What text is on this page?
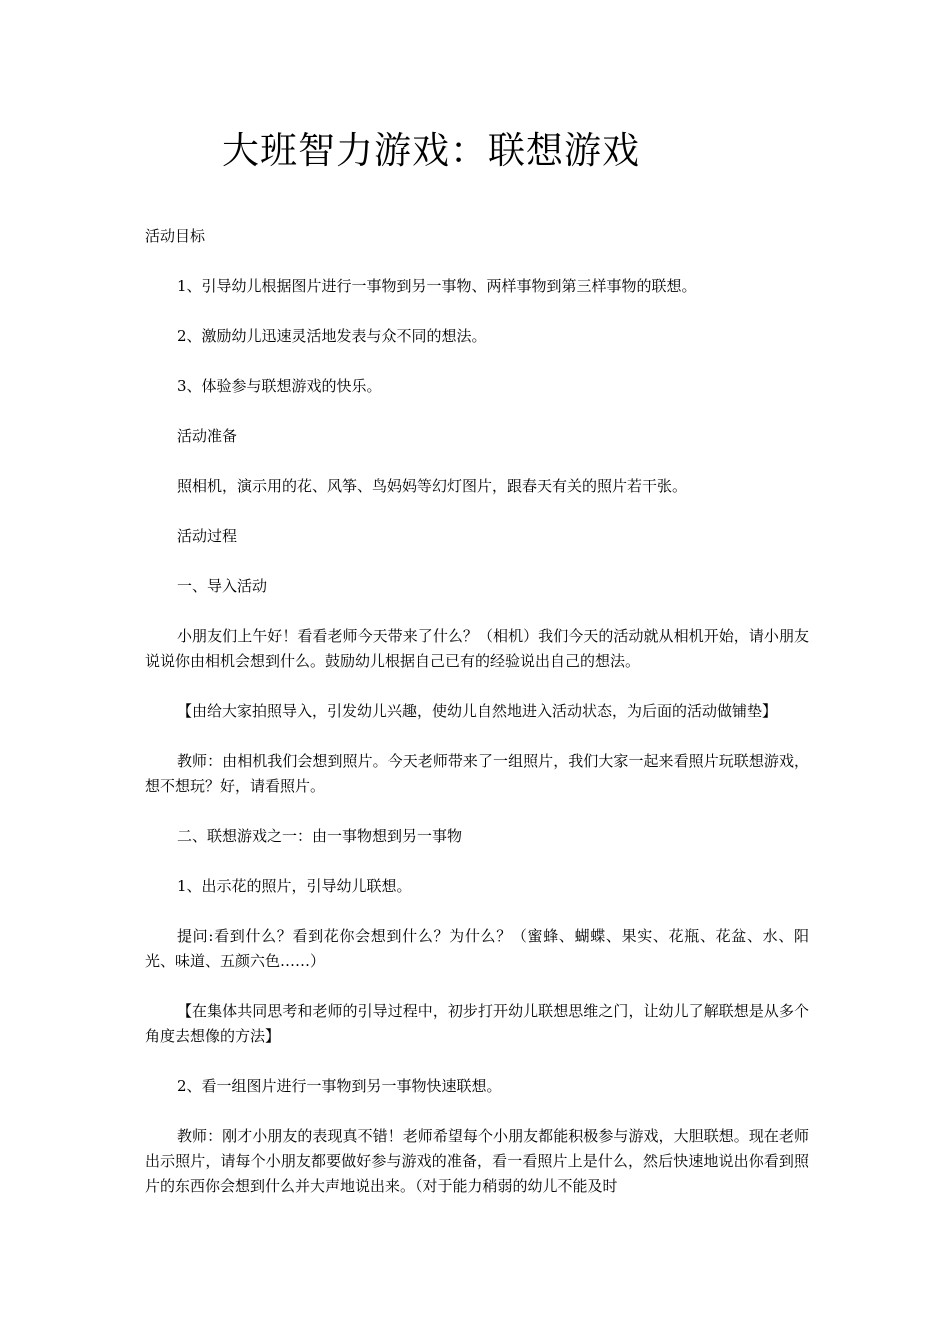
大班智力游戏：联想游戏

活动目标

1、引导幼儿根据图片进行一事物到另一事物、两样事物到第三样事物的联想。

2、激励幼儿迅速灵活地发表与众不同的想法。

3、体验参与联想游戏的快乐。

活动准备

照相机，演示用的花、风筝、鸟妈妈等幻灯图片，跟春天有关的照片若干张。

活动过程

一、导入活动

小朋友们上午好！看看老师今天带来了什么？（相机）我们今天的活动就从相机开始，请小朋友说说你由相机会想到什么。鼓励幼儿根据自己已有的经验说出自己的想法。

【由给大家拍照导入，引发幼儿兴趣，使幼儿自然地进入活动状态，为后面的活动做铺垫】

教师：由相机我们会想到照片。今天老师带来了一组照片，我们大家一起来看照片玩联想游戏，想不想玩？好，请看照片。

二、联想游戏之一：由一事物想到另一事物

1、出示花的照片，引导幼儿联想。

提问:看到什么？看到花你会想到什么？为什么？（蜜蜂、蝴蝶、果实、花瓶、花盆、水、阳光、味道、五颜六色……）

【在集体共同思考和老师的引导过程中，初步打开幼儿联想思维之门，让幼儿了解联想是从多个角度去想像的方法】

2、看一组图片进行一事物到另一事物快速联想。

教师：刚才小朋友的表现真不错！老师希望每个小朋友都能积极参与游戏，大胆联想。现在老师出示照片，请每个小朋友都要做好参与游戏的准备，看一看照片上是什么，然后快速地说出你看到照片的东西你会想到什么并大声地说出来。（对于能力稍弱的幼儿不能及时
